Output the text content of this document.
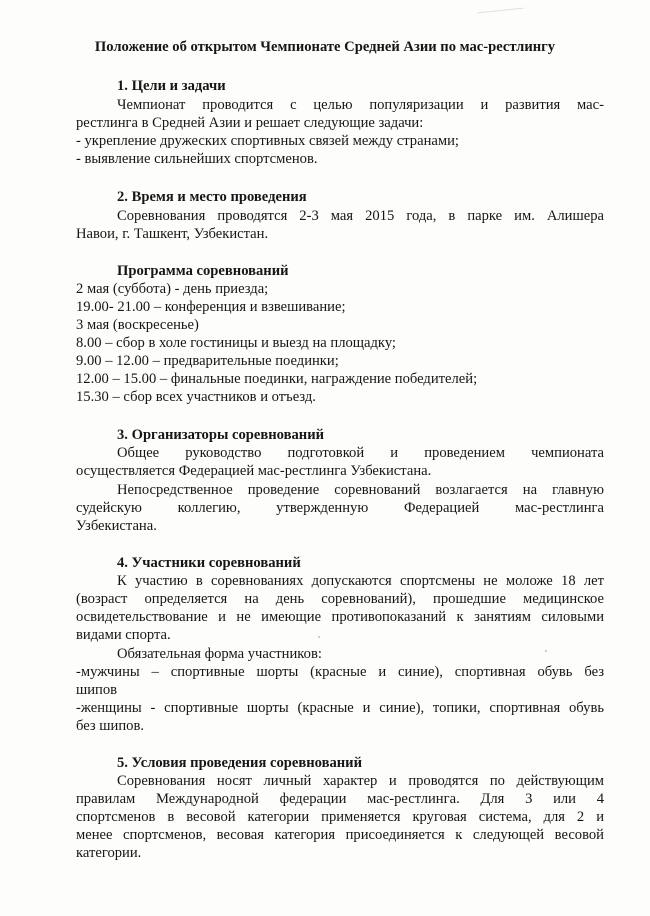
Положение об открытом Чемпионате Средней Азии по мас-рестлингу
1. Цели и задачи
Чемпионат проводится с целью популяризации и развития мас-
рестлинга в Средней Азии и решает следующие задачи:
- укрепление дружеских спортивных связей между странами;
- выявление сильнейших спортсменов.
2. Время и место проведения
Соревнования проводятся 2-3 мая 2015 года, в парке им. Алишера
Навои, г. Ташкент, Узбекистан.
Программа соревнований
2 мая (суббота) - день приезда;
19.00- 21.00 – конференция и взвешивание;
3 мая (воскресенье)
8.00 – сбор в холе гостиницы и выезд на площадку;
9.00 – 12.00 – предварительные поединки;
12.00 – 15.00 – финальные поединки, награждение победителей;
15.30 – сбор всех участников и отъезд.
3. Организаторы соревнований
Общее руководство подготовкой и проведением чемпионата
осуществляется Федерацией мас-рестлинга Узбекистана.
Непосредственное проведение соревнований возлагается на главную
судейскую коллегию, утвержденную Федерацией мас-рестлинга
Узбекистана.
4. Участники соревнований
К участию в соревнованиях допускаются спортсмены не моложе 18 лет
(возраст определяется на день соревнований), прошедшие медицинское
освидетельствование и не имеющие противопоказаний к занятиям силовыми
видами спорта.
Обязательная форма участников:
-мужчины – спортивные шорты (красные и синие), спортивная обувь без
шипов
-женщины - спортивные шорты (красные и синие), топики, спортивная обувь
без шипов.
5. Условия проведения соревнований
Соревнования носят личный характер и проводятся по действующим
правилам Международной федерации мас-рестлинга. Для 3 или 4
спортсменов в весовой категории применяется круговая система, для 2 и
менее спортсменов, весовая категория присоединяется к следующей весовой
категории.
